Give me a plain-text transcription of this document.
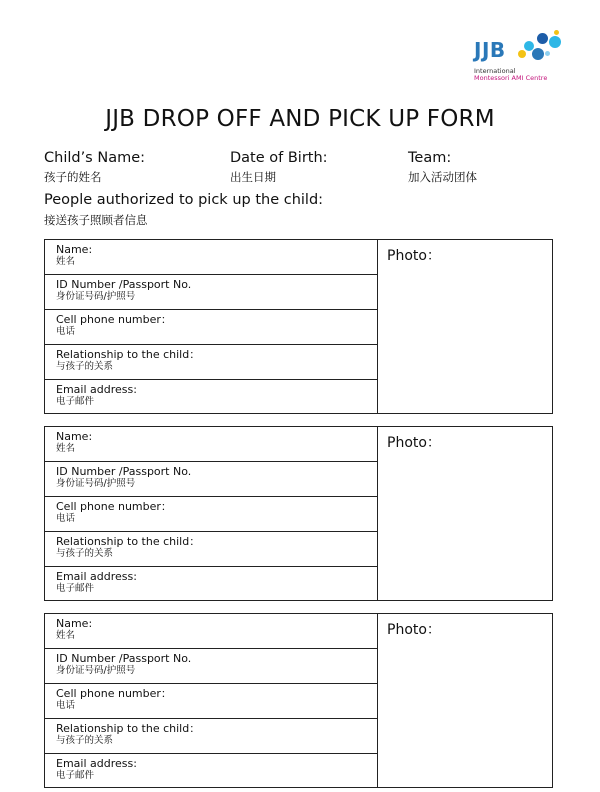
JJB
International
Montessori AMI Centre
JJB DROP OFF AND PICK UP FORM
Child’s Name:
孩子的姓名
Date of Birth:
出生日期
Team:
加入活动团体
People authorized to pick up the child:
接送孩子照顾者信息
Name:
姓名
ID Number /Passport No.
身份证号码/护照号
Cell phone number：
电话
Relationship to the child：
与孩子的关系
Email address:
电子邮件
Photo：
Name:
姓名
ID Number /Passport No.
身份证号码/护照号
Cell phone number：
电话
Relationship to the child：
与孩子的关系
Email address:
电子邮件
Photo：
Name:
姓名
ID Number /Passport No.
身份证号码/护照号
Cell phone number：
电话
Relationship to the child：
与孩子的关系
Email address:
电子邮件
Photo：
